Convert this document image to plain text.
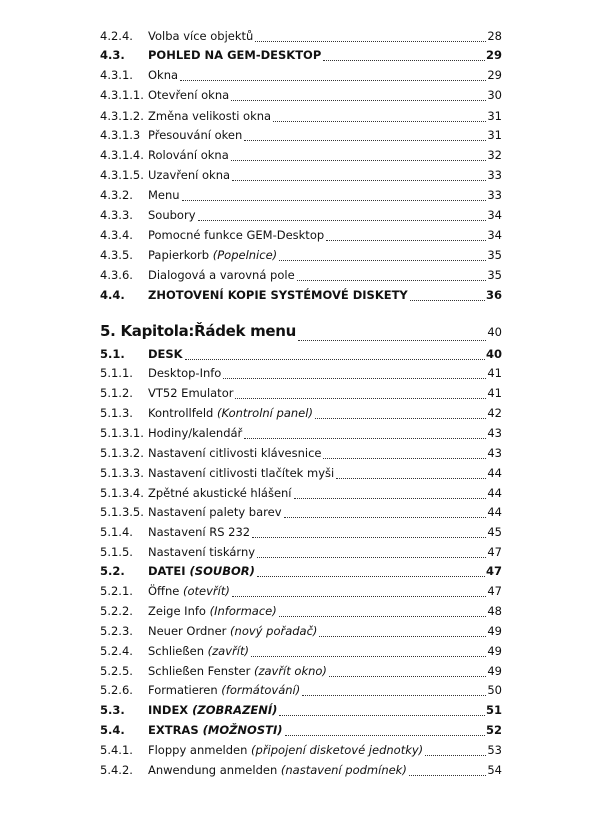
4.2.4.	Volba více objektů	28
4.3.	POHLED NA GEM-DESKTOP	29
4.3.1.	Okna	29
4.3.1.1. Otevření okna	30
4.3.1.2. Změna velikosti okna	31
4.3.1.3 Přesouvání oken	31
4.3.1.4. Rolování okna	32
4.3.1.5. Uzavření okna	33
4.3.2.	Menu	33
4.3.3.	Soubory	34
4.3.4.	Pomocné funkce GEM-Desktop	34
4.3.5.	Papierkorb (Popelnice)	35
4.3.6.	Dialogová a varovná pole	35
4.4.	ZHOTOVENÍ KOPIE SYSTÉMOVÉ DISKETY	36
5. Kapitola:Řádek menu	40
5.1.	DESK	40
5.1.1.	Desktop-Info	41
5.1.2.	VT52 Emulator	41
5.1.3.	Kontrollfeld (Kontrolní panel)	42
5.1.3.1. Hodiny/kalendář	43
5.1.3.2. Nastavení citlivosti klávesnice	43
5.1.3.3. Nastavení citlivosti tlačítek myši	44
5.1.3.4. Zpětné akustické hlášení	44
5.1.3.5. Nastavení palety barev	44
5.1.4.	Nastavení RS 232	45
5.1.5.	Nastavení tiskárny	47
5.2.	DATEI (SOUBOR)	47
5.2.1.	Öffne (otevřít)	47
5.2.2.	Zeige Info (Informace)	48
5.2.3.	Neuer Ordner (nový pořadač)	49
5.2.4.	Schließen (zavřít)	49
5.2.5.	Schließen Fenster (zavřít okno)	49
5.2.6.	Formatieren (formátování)	50
5.3.	INDEX (ZOBRAZENÍ)	51
5.4.	EXTRAS (MOŽNOSTI)	52
5.4.1.	Floppy anmelden (připojení disketové jednotky)	53
5.4.2.	Anwendung anmelden (nastavení podmínek)	54
